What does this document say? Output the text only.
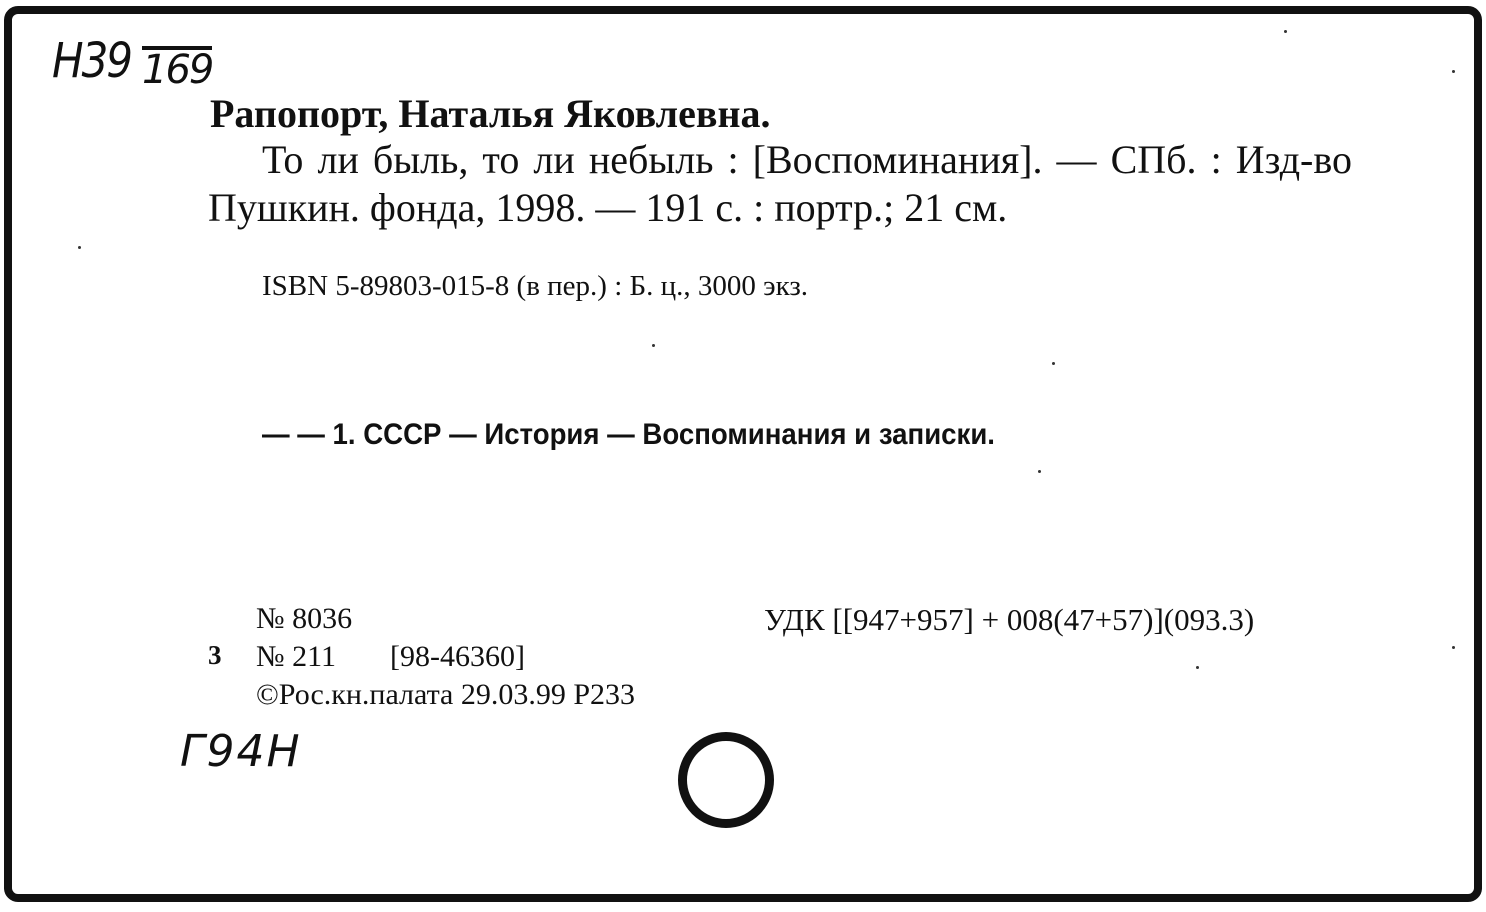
Н39 169
Рапопорт, Наталья Яковлевна.
То ли быль, то ли небыль : [Воспоминания]. — СПб. : Изд-во Пушкин. фонда, 1998. — 191 с. : портр.; 21 см.
ISBN 5-89803-015-8 (в пер.) : Б. ц., 3000 экз.
— — 1. СССР — История — Воспоминания и записки.
№ 8036	УДК [[947+957] + 008(47+57)](093.3)
3 № 211 [98-46360]
©Рос.кн.палата 29.03.99 Р233
Г94Н
